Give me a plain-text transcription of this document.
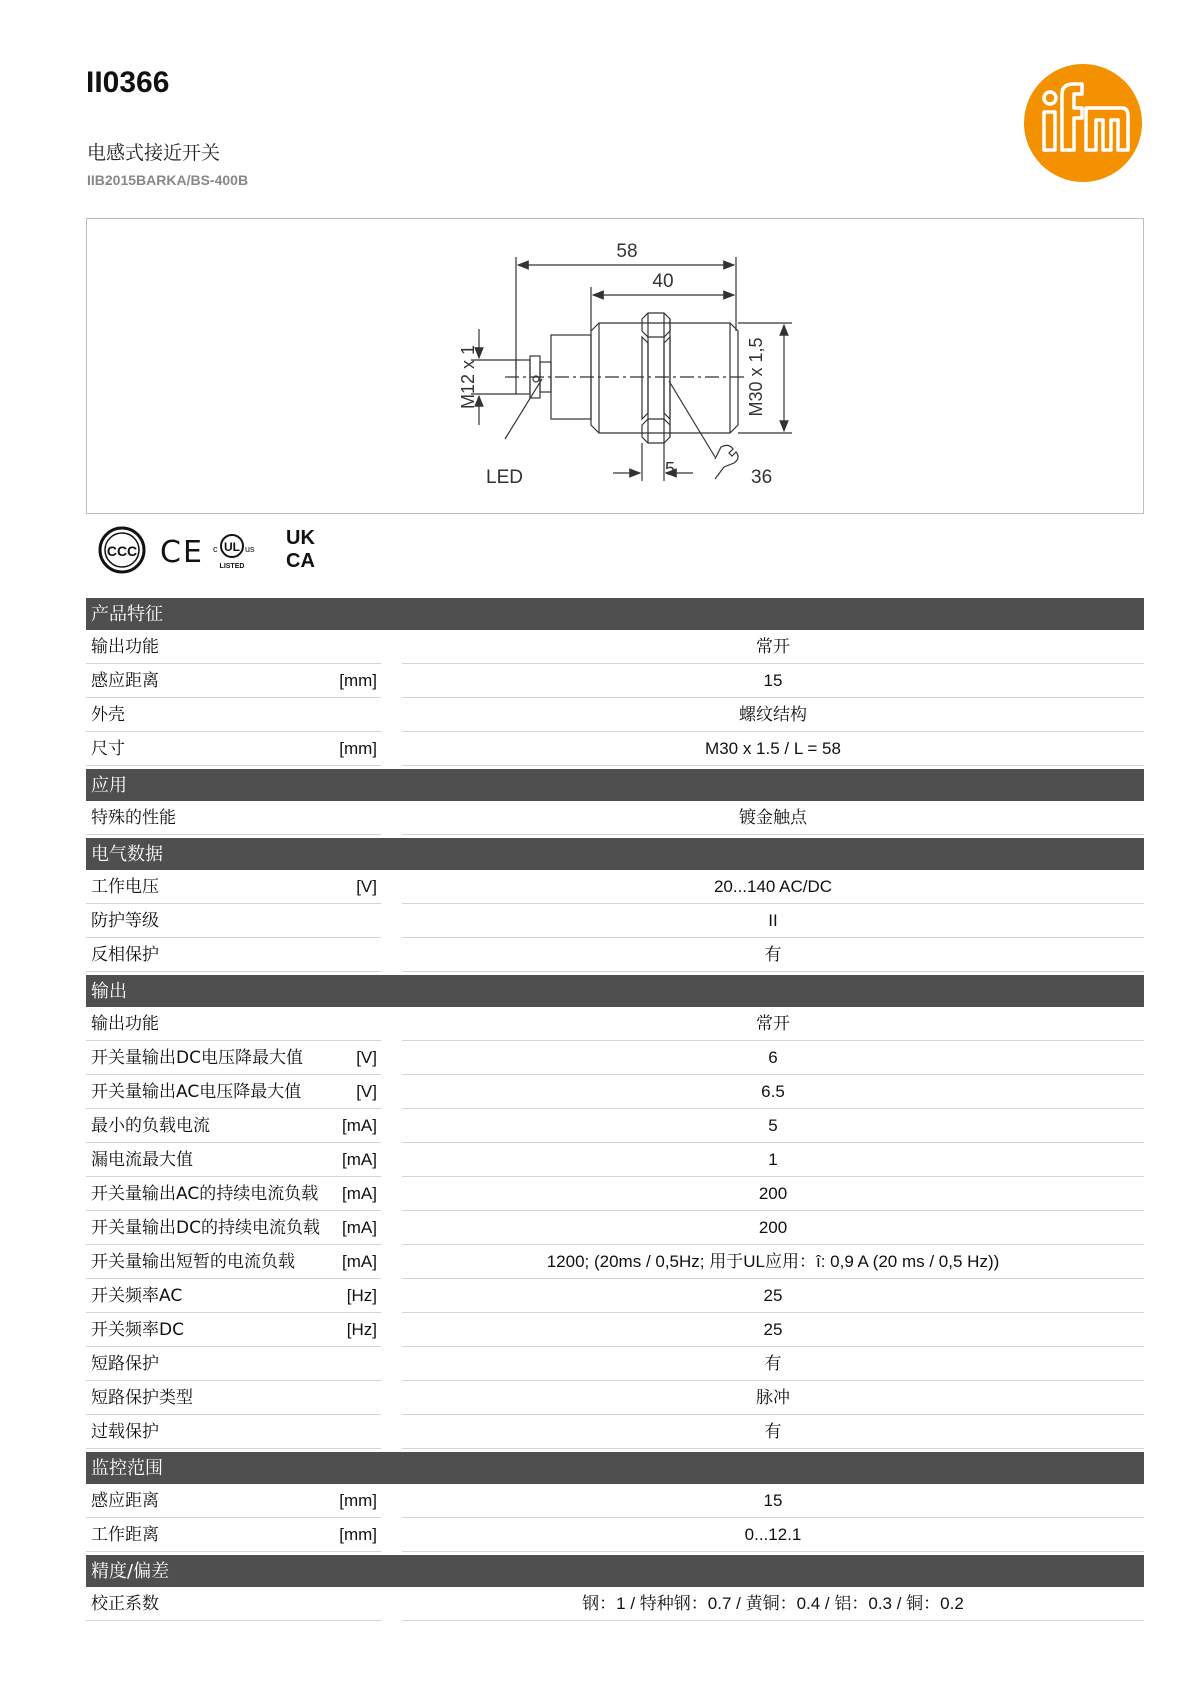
II0366
电感式接近开关
IIB2015BARKA/BS-400B	ifm
58
40
M12 x 1	M30 x 1,5
5	36
LED
CCC CE c UL us
LISTED
UK
CA
产品特征
输出功能	常开
感应距离	[mm]	15
外壳	螺纹结构
尺寸	[mm]	M30 x 1.5 / L = 58
应用
特殊的性能	镀金触点
电气数据
工作电压	[V]	20...140 AC/DC
防护等级	II
反相保护	有
输出
输出功能	常开
开关量输出DC电压降最大值	[V]	6
开关量输出AC电压降最大值	[V]	6.5
最小的负载电流	[mA]	5
漏电流最大值	[mA]	1
开关量输出AC的持续电流负载	[mA]	200
开关量输出DC的持续电流负载	[mA]	200
开关量输出短暂的电流负载	[mA]	1200; (20ms / 0,5Hz; 用于UL应用：î: 0,9 A (20 ms / 0,5 Hz))
开关频率AC	[Hz]	25
开关频率DC	[Hz]	25
短路保护	有
短路保护类型	脉冲
过载保护	有
监控范围
感应距离	[mm]	15
工作距离	[mm]	0...12.1
精度/偏差
校正系数	钢：1 / 特种钢：0.7 / 黄铜：0.4 / 铝：0.3 / 铜：0.2
